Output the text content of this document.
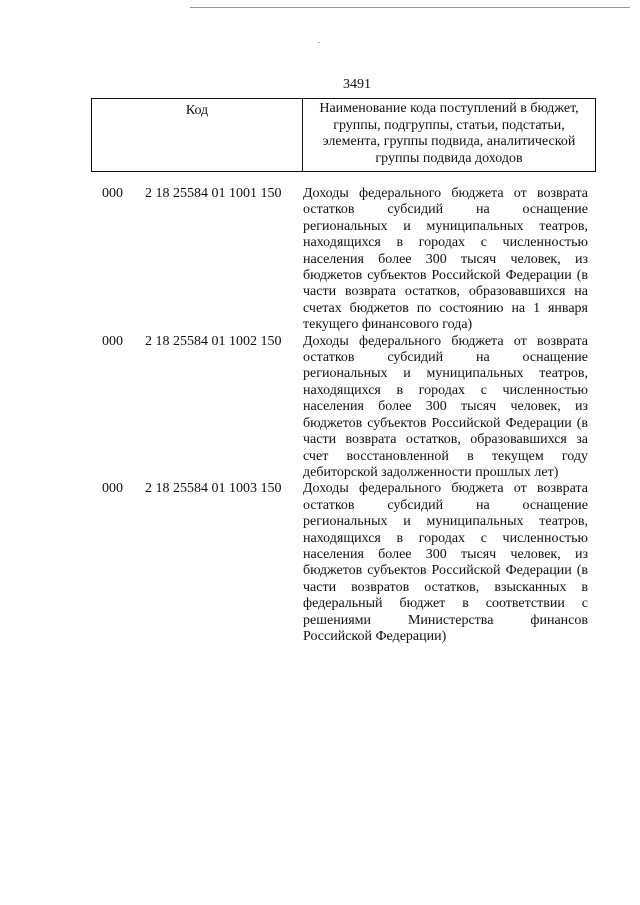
3491
Код	Наименование кода поступлений в бюджет, группы, подгруппы, статьи, подстатьи, элемента, группы подвида, аналитической группы подвида доходов
000 2 18 25584 01 1001 150 Доходы федерального бюджета от возврата остатков субсидий на оснащение региональных и муниципальных театров, находящихся в городах с численностью населения более 300 тысяч человек, из бюджетов субъектов Российской Федерации (в части возврата остатков, образовавшихся на счетах бюджетов по состоянию на 1 января текущего финансового года)
000 2 18 25584 01 1002 150 Доходы федерального бюджета от возврата остатков субсидий на оснащение региональных и муниципальных театров, находящихся в городах с численностью населения более 300 тысяч человек, из бюджетов субъектов Российской Федерации (в части возврата остатков, образовавшихся за счет восстановленной в текущем году дебиторской задолженности прошлых лет)
000 2 18 25584 01 1003 150 Доходы федерального бюджета от возврата остатков субсидий на оснащение региональных и муниципальных театров, находящихся в городах с численностью населения более 300 тысяч человек, из бюджетов субъектов Российской Федерации (в части возвратов остатков, взысканных в федеральный бюджет в соответствии с решениями Министерства финансов Российской Федерации)
